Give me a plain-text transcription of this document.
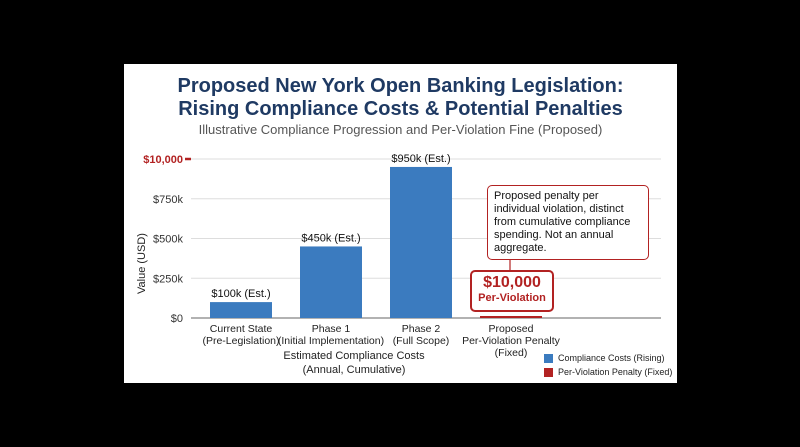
Proposed New York Open Banking Legislation:
Rising Compliance Costs & Potential Penalties
Illustrative Compliance Progression and Per-Violation Fine (Proposed)
$0
$250k
$500k
$750k
$10,000
$100k (Est.)
Current State
(Pre-Legislation)
$450k (Est.)
Phase 1
(Initial Implementation)
$950k (Est.)
Phase 2
(Full Scope)
Proposed
Per-Violation Penalty
(Fixed)
Value (USD)
Estimated Compliance Costs
(Annual, Cumulative)
Proposed penalty per individual violation, distinct from cumulative compliance spending. Not an annual aggregate.
$10,000
Per-Violation
Compliance Costs (Rising)
Per-Violation Penalty (Fixed)
